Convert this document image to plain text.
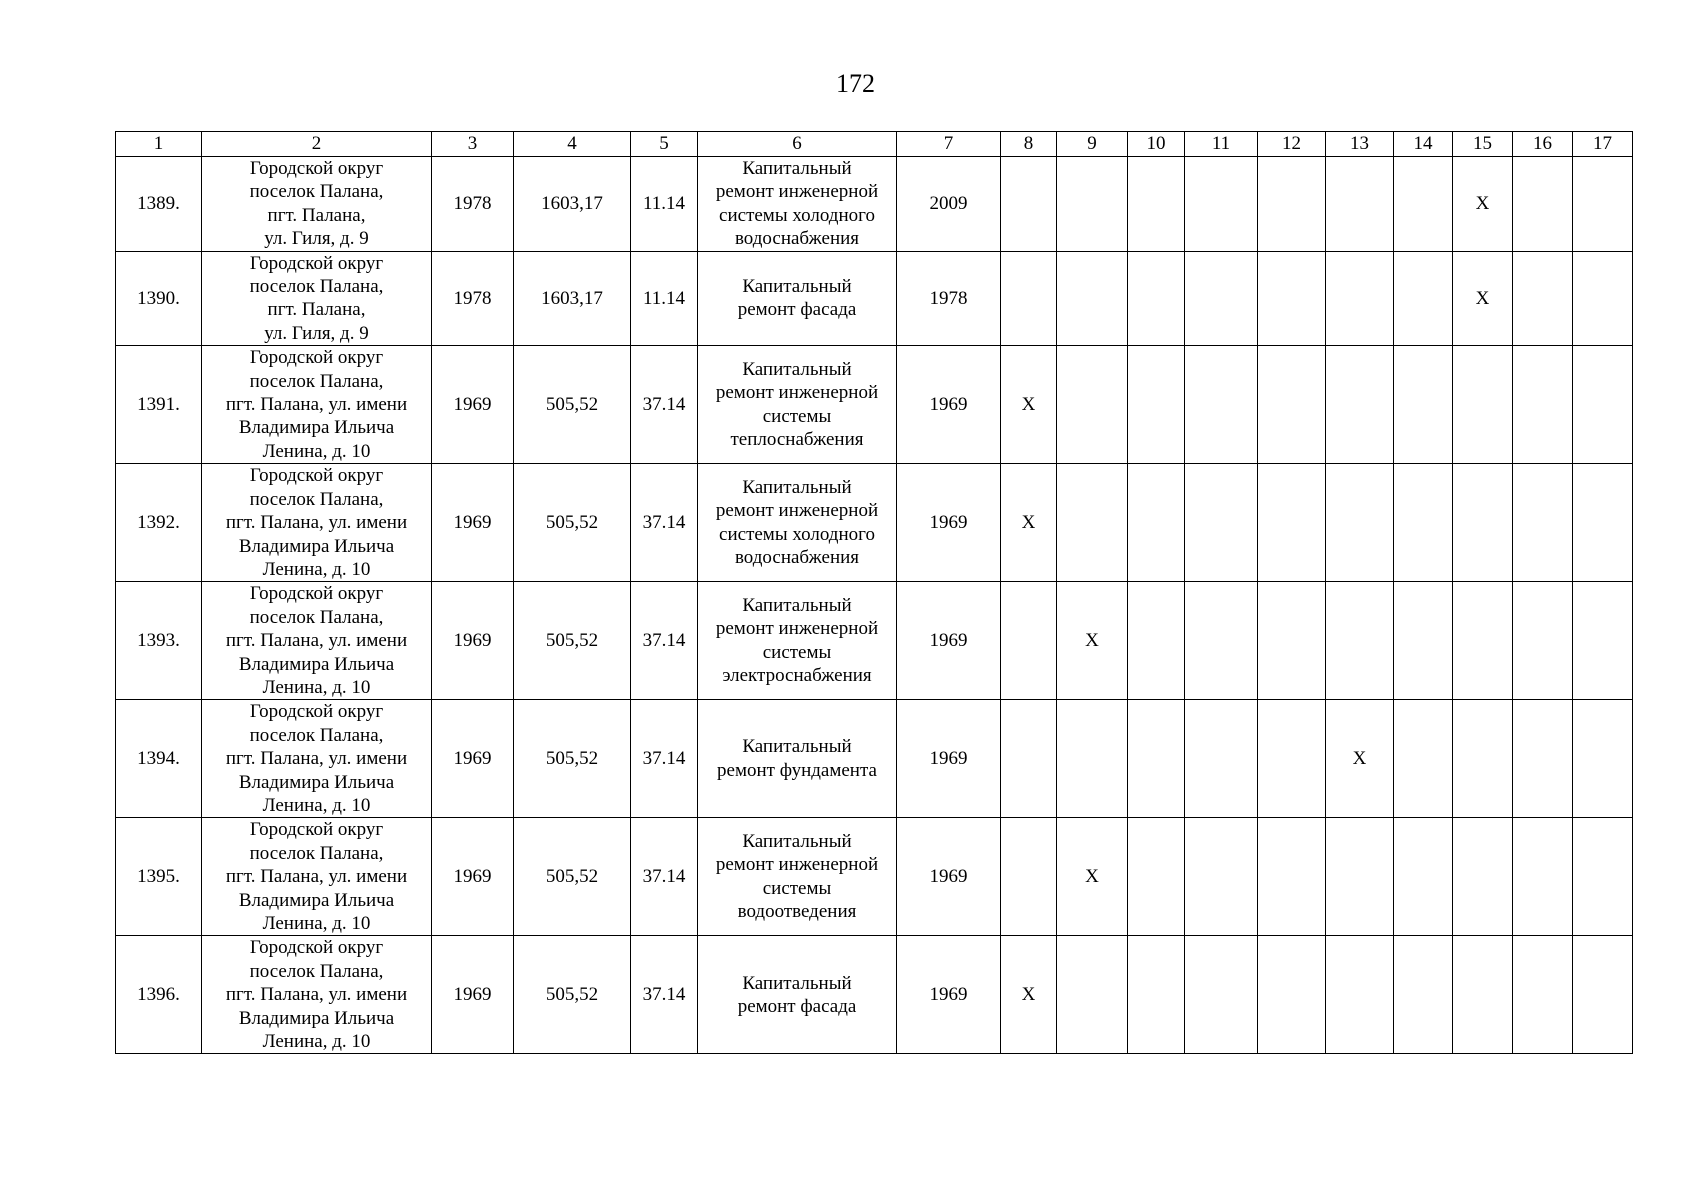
172
1	2	3	4	5	6	7	8	9	10	11	12	13	14	15	16	17
1389.	Городской округ
поселок Палана,
пгт. Палана,
ул. Гиля, д. 9	1978	1603,17	11.14	Капитальный
ремонт инженерной
системы холодного
водоснабжения	2009								X		
1390.	Городской округ
поселок Палана,
пгт. Палана,
ул. Гиля, д. 9	1978	1603,17	11.14	Капитальный
ремонт фасада	1978								X		
1391.	Городской округ
поселок Палана,
пгт. Палана, ул. имени
Владимира Ильича
Ленина, д. 10	1969	505,52	37.14	Капитальный
ремонт инженерной
системы
теплоснабжения	1969	X									
1392.	Городской округ
поселок Палана,
пгт. Палана, ул. имени
Владимира Ильича
Ленина, д. 10	1969	505,52	37.14	Капитальный
ремонт инженерной
системы холодного
водоснабжения	1969	X									
1393.	Городской округ
поселок Палана,
пгт. Палана, ул. имени
Владимира Ильича
Ленина, д. 10	1969	505,52	37.14	Капитальный
ремонт инженерной
системы
электроснабжения	1969		X								
1394.	Городской округ
поселок Палана,
пгт. Палана, ул. имени
Владимира Ильича
Ленина, д. 10	1969	505,52	37.14	Капитальный
ремонт фундамента	1969						X				
1395.	Городской округ
поселок Палана,
пгт. Палана, ул. имени
Владимира Ильича
Ленина, д. 10	1969	505,52	37.14	Капитальный
ремонт инженерной
системы
водоотведения	1969		X								
1396.	Городской округ
поселок Палана,
пгт. Палана, ул. имени
Владимира Ильича
Ленина, д. 10	1969	505,52	37.14	Капитальный
ремонт фасада	1969	X									
